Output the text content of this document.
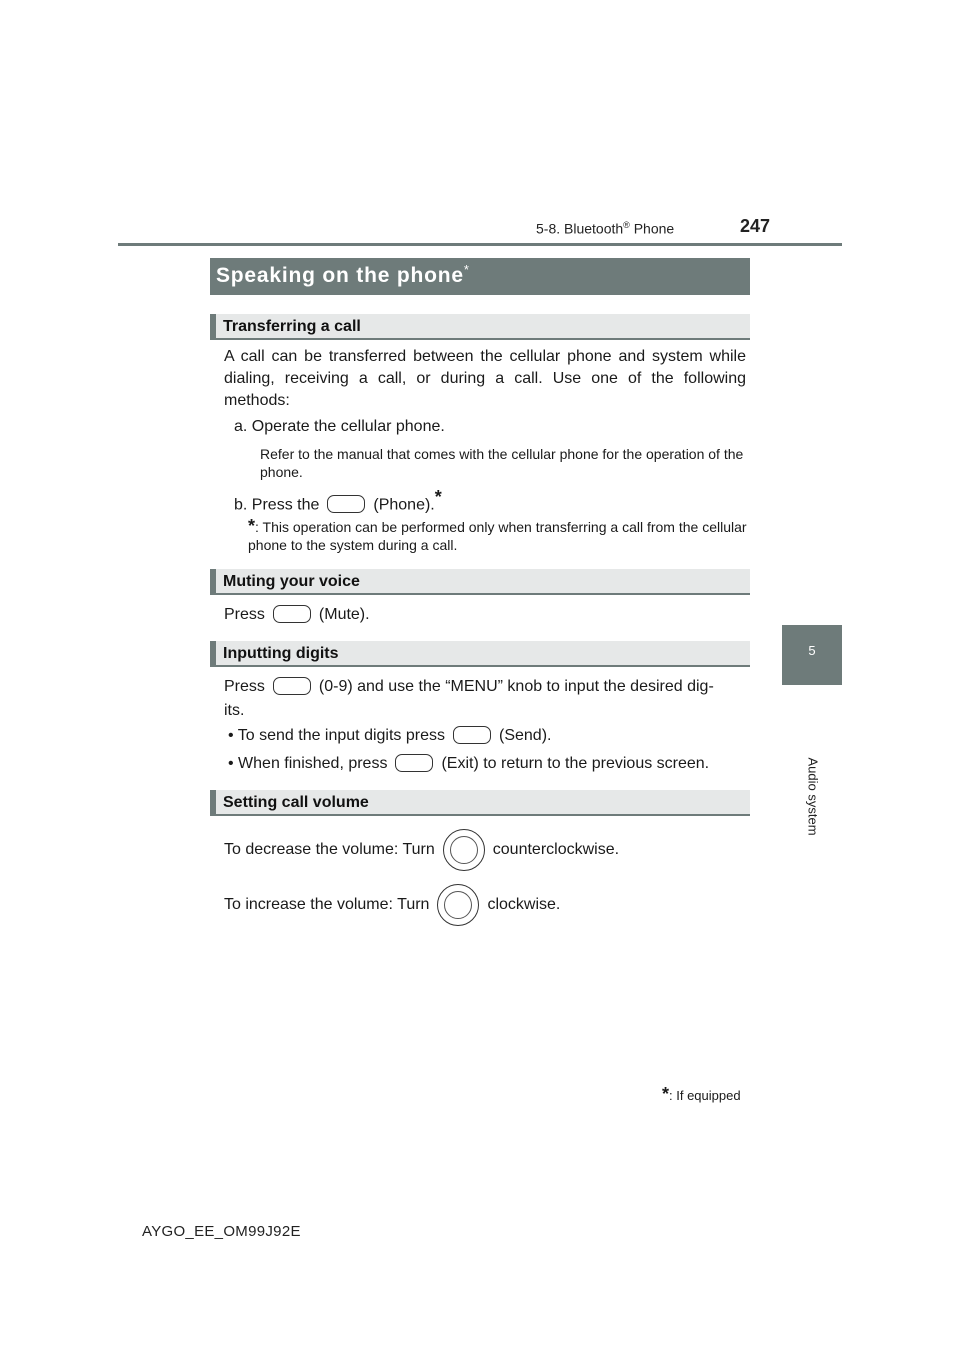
5-8. Bluetooth® Phone	247
5
Audio system
Speaking on the phone*
Transferring a call
A call can be transferred between the cellular phone and system while dialing, receiving a call, or during a call. Use one of the following methods:
a. Operate the cellular phone.
Refer to the manual that comes with the cellular phone for the operation of the phone.
b. Press the	(Phone).*
*: This operation can be performed only when transferring a call from the cellular phone to the system during a call.
Muting your voice
Press	(Mute).
Inputting digits
Press	(0-9) and use the “MENU” knob to input the desired dig-
its.
• To send the input digits press	(Send).
• When finished, press	(Exit) to return to the previous screen.
Setting call volume
To decrease the volume: Turn	counterclockwise.
To increase the volume: Turn	clockwise.
*: If equipped
AYGO_EE_OM99J92E
